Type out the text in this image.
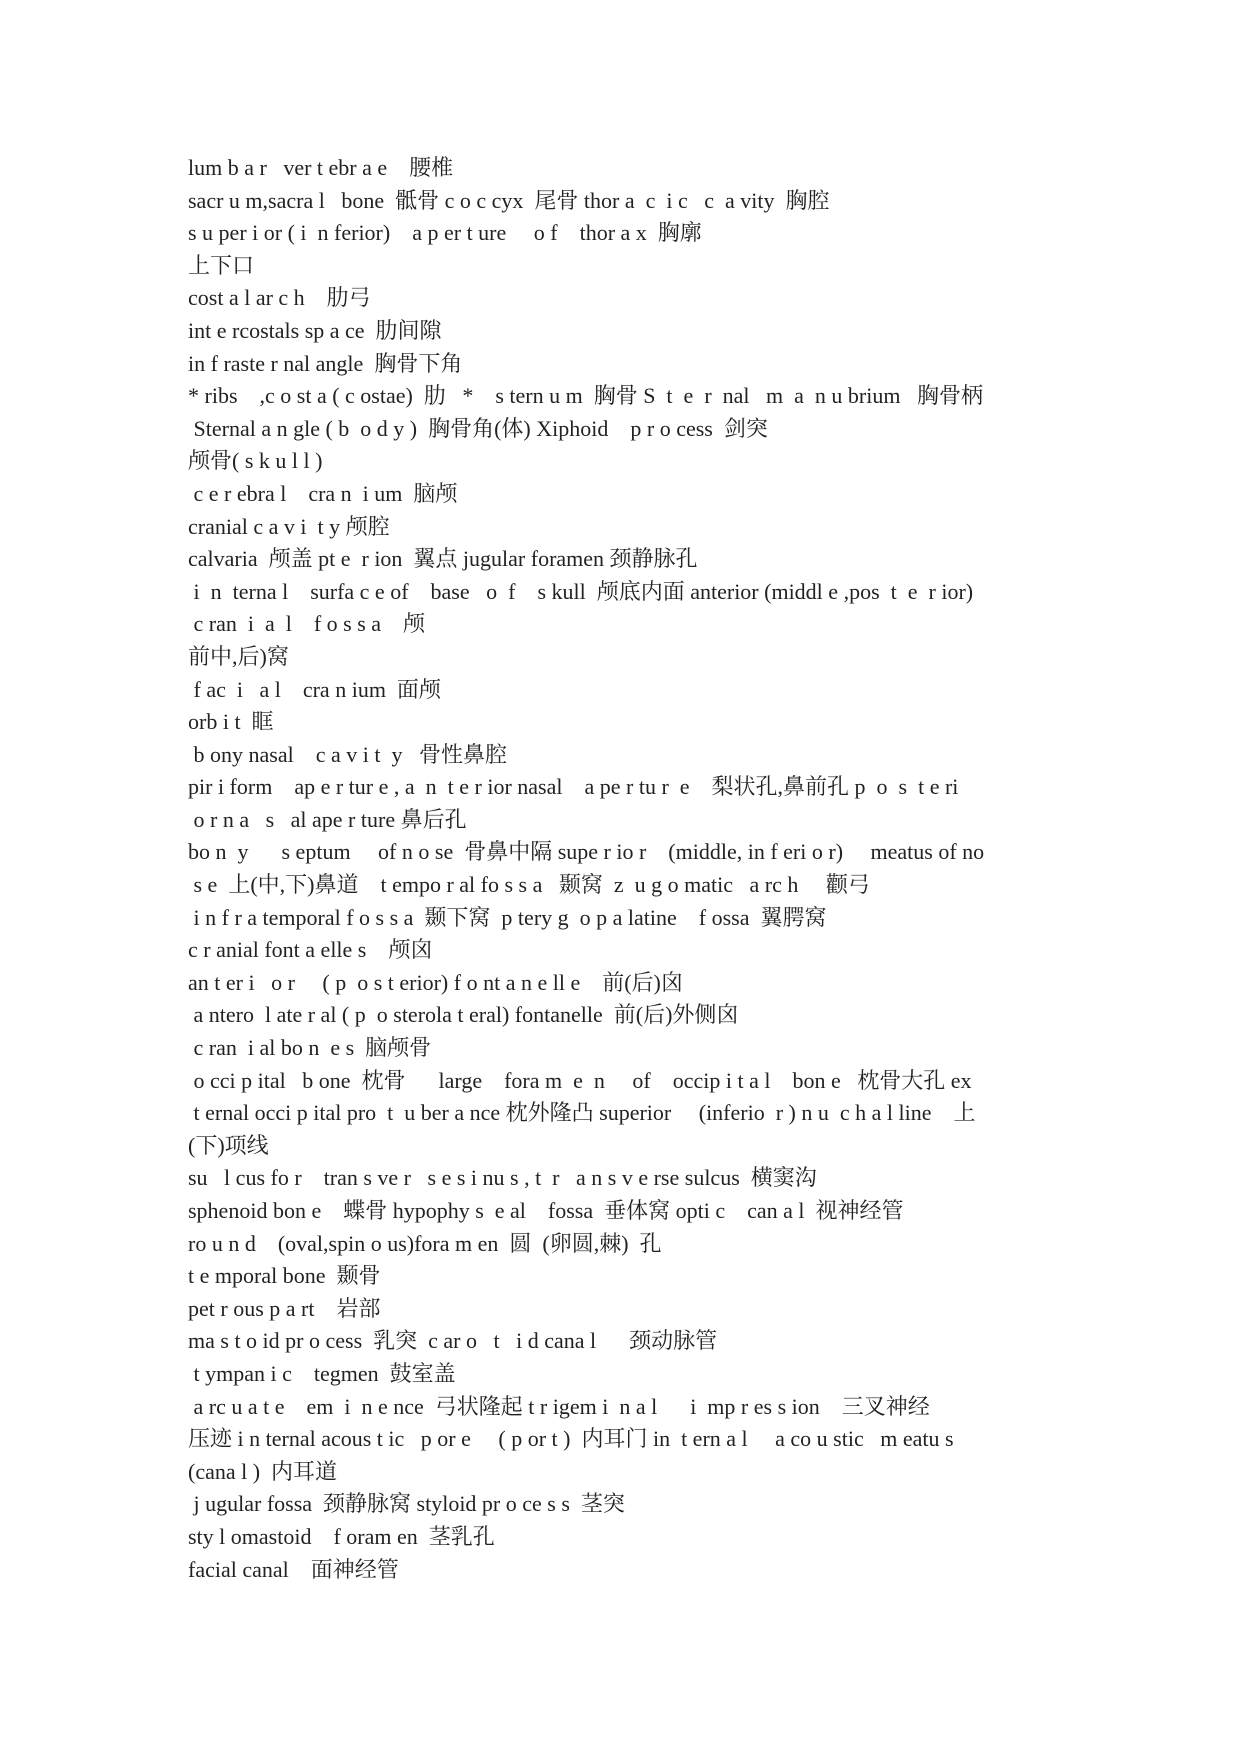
lum b a r   ver t ebr a e    腰椎
sacr u m,sacra l   bone  骶骨 c o c cyx  尾骨 thor a  c  i c   c  a vity  胸腔
s u per i or ( i  n ferior)    a p er t ure     o f    thor a x  胸廓
上下口
cost a l ar c h    肋弓
int e rcostals sp a ce  肋间隙
in f raste r nal angle  胸骨下角
* ribs    ,c o st a ( c ostae)  肋   *    s tern u m  胸骨 S  t  e  r  nal   m  a  n u brium   胸骨柄
Sternal a n gle ( b  o d y )  胸骨角(体) Xiphoid    p r o cess  剑突
颅骨( s k u l l )
c e r ebra l    cra n  i um  脑颅
cranial c a v i  t y 颅腔
calvaria  颅盖 pt e  r ion  翼点 jugular foramen 颈静脉孔
i  n  terna l    surfa c e of    base   o  f    s kull  颅底内面 anterior (middl e ,pos  t  e  r ior)
c ran  i  a  l    f o s s a    颅
前中,后)窝
f ac  i   a l    cra n ium  面颅
orb i t  眶
b ony nasal    c a v i t  y   骨性鼻腔
pir i form    ap e r tur e , a  n  t e r ior nasal    a pe r tu r  e    梨状孔,鼻前孔 p  o  s  t e ri
o r n a   s   al ape r ture 鼻后孔
bo n  y      s eptum     of n o se  骨鼻中隔 supe r io r    (middle, in f eri o r)     meatus of no
s e  上(中,下)鼻道    t empo r al fo s s a   颞窝  z  u g o matic   a rc h     颧弓
i n f r a temporal f o s s a  颞下窝  p tery g  o p a latine    f ossa  翼腭窝
c r anial font a elle s    颅囟
an t er i   o r     ( p  o s t erior) f o nt a n e ll e    前(后)囟
a ntero  l ate r al ( p  o sterola t eral) fontanelle  前(后)外侧囟
c ran  i al bo n  e s  脑颅骨
o cci p ital   b one  枕骨      large    fora m  e  n     of    occip i t a l    bon e   枕骨大孔 ex
t ernal occi p ital pro  t  u ber a nce 枕外隆凸 superior     (inferio  r ) n u  c h a l line    上
(下)项线
su   l cus fo r    tran s ve r   s e s i nu s , t  r   a n s v e rse sulcus  横窦沟
sphenoid bon e    蝶骨 hypophy s  e al    fossa  垂体窝 opti c    can a l  视神经管
ro u n d    (oval,spin o us)fora m en  圆  (卵圆,棘)  孔
t e mporal bone  颞骨
pet r ous p a rt    岩部
ma s t o id pr o cess  乳突  c ar o   t   i d cana l      颈动脉管
t ympan i c    tegmen  鼓室盖
a rc u a t e    em  i  n e nce  弓状隆起 t r igem i  n a l      i  mp r es s ion    三叉神经
压迹 i n ternal acous t ic   p or e     ( p or t )  内耳门 in  t ern a l     a co u stic   m eatu s
(cana l )  内耳道
j ugular fossa  颈静脉窝 styloid pr o ce s s  茎突
sty l omastoid    f oram en  茎乳孔
facial canal    面神经管
